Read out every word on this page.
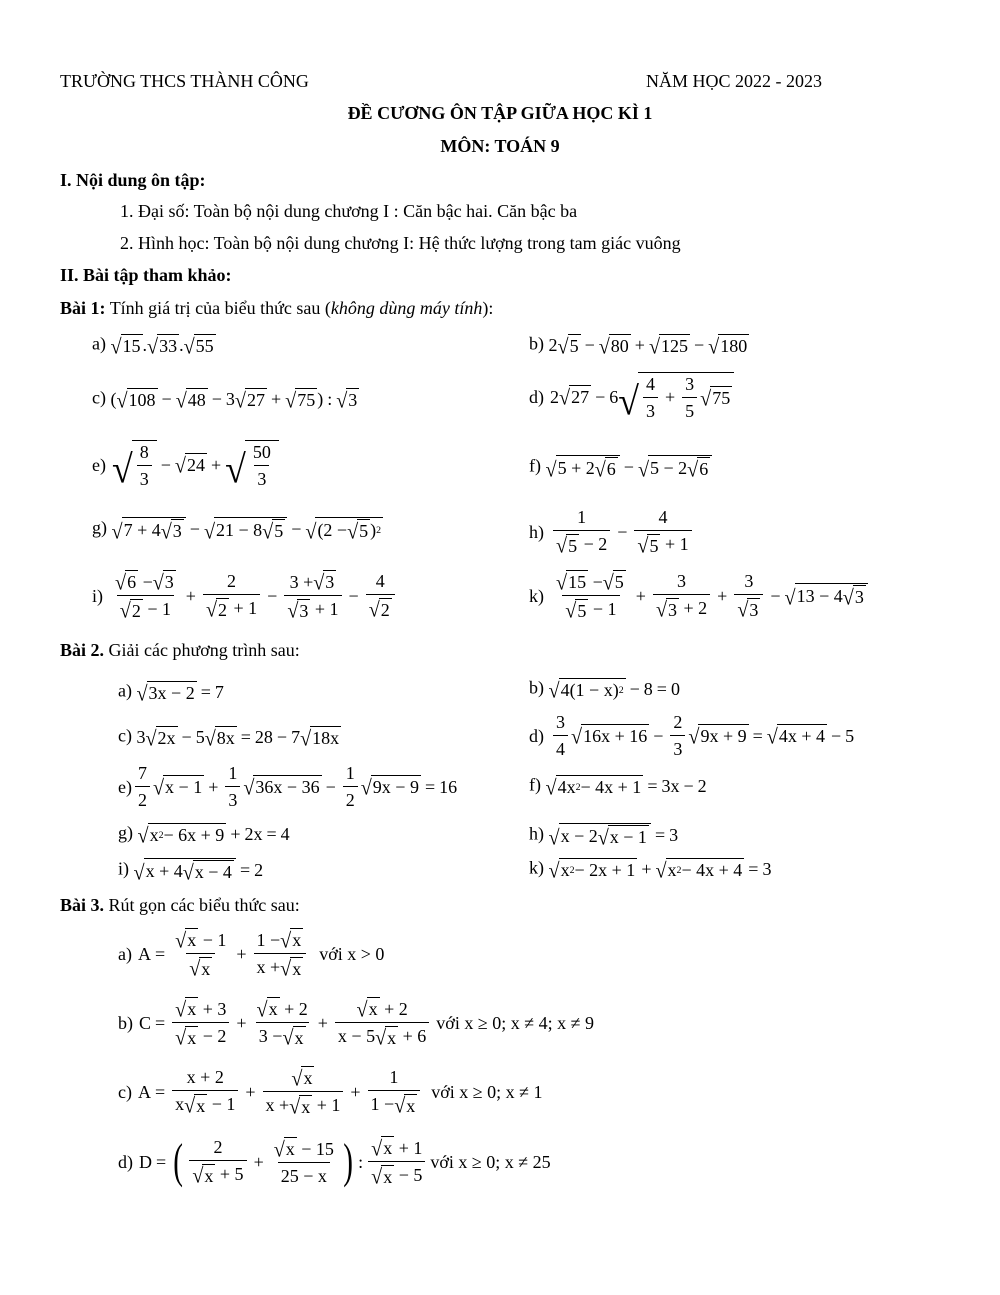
TRƯỜNG THCS THÀNH CÔNG	NĂM HỌC 2022 - 2023
ĐỀ CƯƠNG ÔN TẬP GIỮA HỌC KÌ 1
MÔN: TOÁN 9
I. Nội dung ôn tập:
1. Đại số: Toàn bộ nội dung chương I : Căn bậc hai. Căn bậc ba
2. Hình học: Toàn bộ nội dung chương I: Hệ thức lượng trong tam giác vuông
II. Bài tập tham khảo:
Bài 1: Tính giá trị của biểu thức sau (không dùng máy tính):
a) √ 15 . √ 33 . √ 55	b) 2 √ 5 − √ 80 + √ 125 − √ 180
c) ( √ 108 − √ 48 − 3 √ 27 + √ 75 ) : √ 3	d) 2 √ 27 − 6 √ $\frac{4}{3} + \frac{3}{5}$ √ 75
e) √ $\frac{8}{3}$ − √ 24 + √ $\frac{50}{3}$	f) √ 5 + 2 √ 6 − √ 5 − 2 √ 6
g) √ 7 + 4 √ 3 − √ 21 − 8 √ 5 − √ (2 − √ 5 ) 2	$h) \frac{1}{√ 5 - 2} - \frac{4}{√ 5 + 1}$
$i) \frac{√ 6 - √ 3}{√ 2 - 1} + \frac{2}{√ 2 + 1} - \frac{3 + √ 3}{√ 3 + 1} - \frac{4}{√ 2}$	$k) \frac{√ 15 - √ 5}{√ 5 - 1} + \frac{3}{√ 3 + 2} + \frac{3}{√ 3}$ − √ 13 − 4 √ 3
Bài 2. Giải các phương trình sau:
a) √ 3x − 2 = 7	b) √ 4(1 − x) 2 − 8 = 0
c) 3 √ 2x − 5 √ 8x = 28 − 7 √ 18x	$d) \frac{3}{4}$ √ $16x + 16 - \frac{2}{3}$ √ 9x + 9 = √ 4x + 4 − 5
$e) \frac{7}{2}$ √ $x - 1 + \frac{1}{3}$ √ $36x - 36 - \frac{1}{2}$ √ 9x − 9 = 16	f) √ 4x 2 − 4x + 1 = 3x − 2
g) √ x 2 − 6x + 9 + 2x = 4	h) √ x − 2 √ x − 1 = 3
i) √ x + 4 √ x − 4 = 2	k) √ x 2 − 2x + 1 + √ x 2 − 4x + 4 = 3
Bài 3. Rút gọn các biểu thức sau:
a) $A = \frac{√ x - 1}{√ x} + \frac{1 - √ x}{x + √ x}$ với x > 0
b) $C = \frac{√ x + 3}{√ x - 2} + \frac{√ x + 2}{3 - √ x} + \frac{√ x + 2}{x - 5 √ x + 6}$ với x ≥ 0; x ≠ 4; x ≠ 9
c) $A = \frac{x + 2}{x √ x - 1} + \frac{√ x}{x + √ x + 1} + \frac{1}{1 - √ x}$ với x ≥ 0; x ≠ 1
d) D = ( $\frac{2}{√ x + 5} + \frac{√ x - 15}{25 - x}$ ) : $\frac{√ x + 1}{√ x - 5}$ với x ≥ 0; x ≠ 25
